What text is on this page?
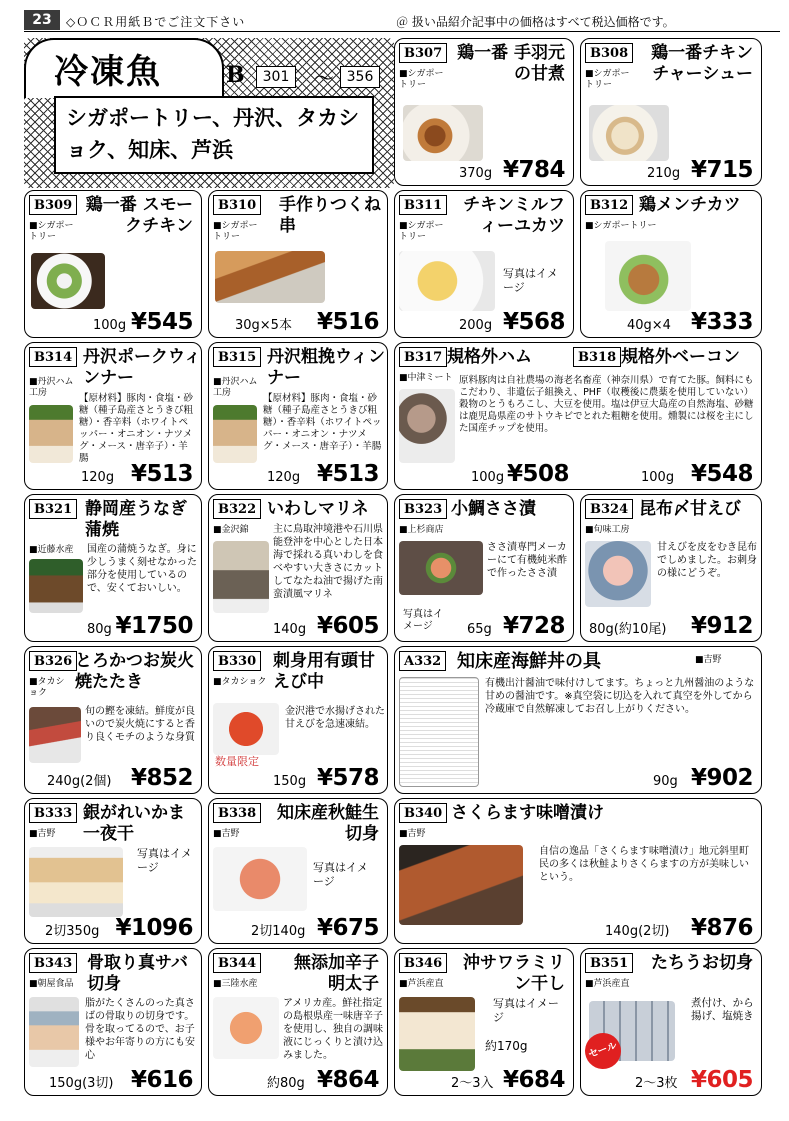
23	◇ＯＣＲ用紙Ｂでご注文下さい	＠ 扱い品紹介記事中の価格はすべて税込価格です。
冷凍魚	B	301	～ 356
シガポートリー、丹沢、タカショク、知床、芦浜
B307 鶏一番 手羽元の甘煮
■シガポートリー
370g ¥784
B308	鶏一番チキンチャーシュー
■シガポートリー
210g ¥715
B309 鶏一番 スモークチキン
■シガポートリー
100g ¥545
B310 手作りつくね串
■シガポートリー
30g×5本 ¥516
B311	チキンミルフィーユカツ
■シガポートリー
写真はイメージ
200g ¥568
B312 鶏メンチカツ
■シガポートリー
40g×4 ¥333
B314 丹沢ポークウィンナー
■丹沢ハム工房	【原材料】豚肉・食塩・砂糖（種子島産さとうきび粗糖）・香辛料（ホワイトペッパー・オニオン・ナツメグ・メース・唐辛子）・羊腸
120g ¥513
B315 丹沢粗挽ウィンナー
■丹沢ハム工房	【原材料】豚肉・食塩・砂糖（種子島産さとうきび粗糖）・香辛料（ホワイトペッパー・オニオン・ナツメグ・メース・唐辛子）・羊腸
120g ¥513
B317 規格外ハム	B318 規格外ベーコン
■中津ミート 原料豚肉は自社農場の海老名畜産（神奈川県）で育てた豚。飼料にもこだわり、非遺伝子組換え、PHF（収穫後に農薬を使用していない）穀物のとうもろこし、大豆を使用。塩は伊豆大島産の自然海塩、砂糖は鹿児島県産のサトウキビでとれた粗糖を使用。燻製には桜を主にした国産チップを使用。
100g ¥508	100g ¥548
B321 静岡産うなぎ蒲焼
■近藤水産	国産の蒲焼うなぎ。身に少しうまく刻せなかった部分を使用しているので、安くておいしい。
80g ¥1750
B322 いわしマリネ
■金沢錦	主に鳥取沖境港や石川県能登沖を中心とした日本海で採れる真いわしを食べやすい大きさにカットしてなたね油で揚げた南蛮漬風マリネ
140g ¥605
B323 小鯛ささ漬
■上杉商店
ささ漬専門メーカーにて有機純米酢で作ったささ漬
写真はイメージ	65g ¥728
B324 昆布〆甘えび
■旬味工房
甘えびを皮をむき昆布でしめました。お刺身の様にどうぞ。
80g(約10尾) ¥912
B326 とろかつお炭火焼たたき
■タカショク
旬の鰹を凍結。鮮度が良いので炭火焼にすると香り良くモチのような身質
240g(2個) ¥852
B330 刺身用有頭甘えび中
■タカショク
金沢港で水揚げされた甘えびを急速凍結。
数量限定
150g ¥578
A332 知床産海鮮丼の具	■吉野
有機出汁醤油で味付けしてます。ちょっと九州醤油のような甘めの醤油です。※真空袋に切込を入れて真空を外してから冷蔵庫で自然解凍してお召し上がりください。
90g ¥902
B333 銀がれいかま一夜干
■吉野
写真はイメージ
2切350g ¥1096
B338 知床産秋鮭生切身
■吉野
写真はイメージ
2切140g ¥675
B340 さくらます味噌漬け
■吉野
自信の逸品「さくらます味噌漬け」地元斜里町民の多くは秋鮭よりさくらますの方が美味しいという。
140g(2切) ¥876
B343 骨取り真サバ切身
■朝屋食品
脂がたくさんのった真さばの骨取りの切身です。骨を取ってるので、お子様やお年寄りの方にも安心
150g(3切) ¥616
B344	無添加辛子明太子
■三陸水産
アメリカ産。鮮社指定の島根県産一味唐辛子を使用し、独自の調味液にじっくりと漬け込みました。
約80g ¥864
B346	沖サワラミリン干し
■芦浜産直
写真はイメージ
約170g
2～3入 ¥684
B351	たちうお切身
■芦浜産直
煮付け、から揚げ、塩焼き
セール
2～3枚 ¥605
